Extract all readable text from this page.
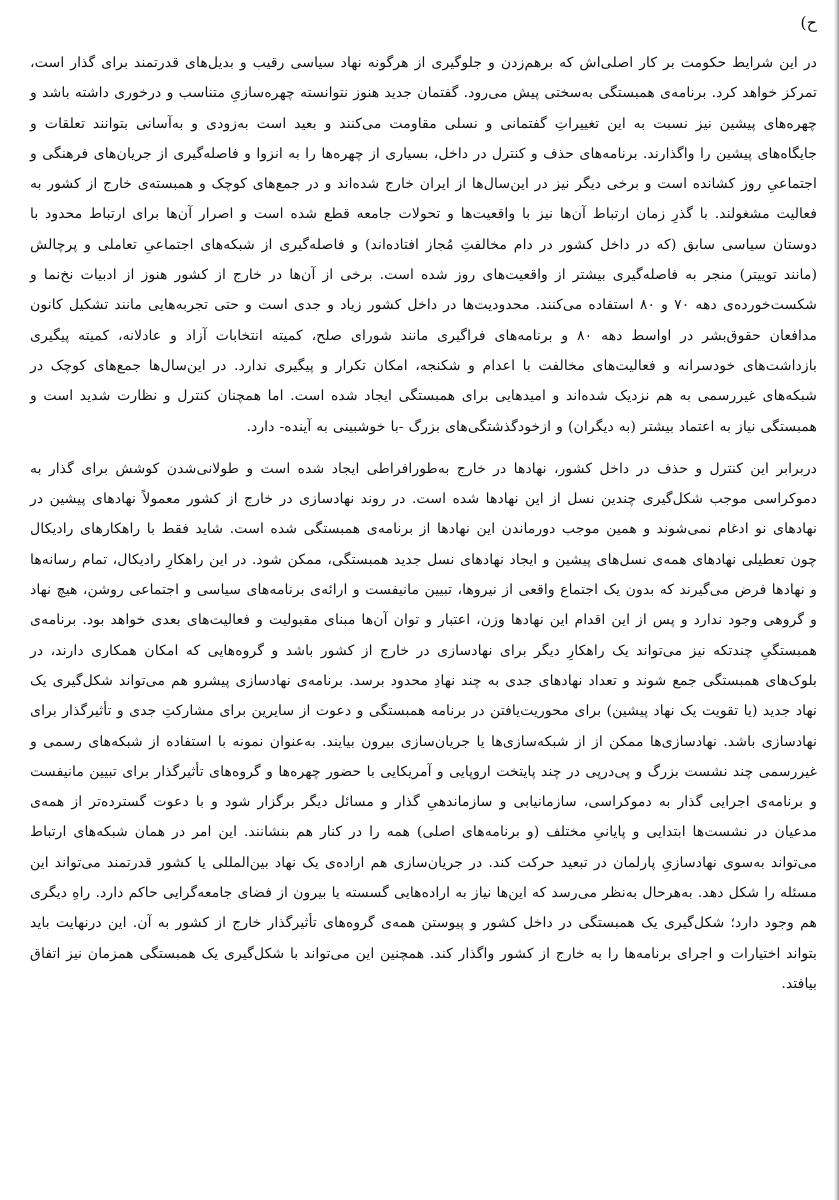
ح)

در این شرایط حکومت بر کار اصلی‌اش که برهم‌زدن و جلوگیری از هرگونه نهاد سیاسی رقیب و بدیل‌های قدرتمند برای گذار است، تمرکز خواهد کرد. برنامه‌ی همبستگی به‌سختی پیش می‌رود. گفتمان جدید هنوز نتوانسته چهره‌سازیِ متناسب و درخوری داشته باشد و چهره‌های پیشین نیز نسبت به این تغییراتِ گفتمانی و نسلی مقاومت می‌کنند و بعید است به‌زودی و به‌آسانی بتوانند تعلقات و جایگاه‌های پیشین را واگذارند. برنامه‌های حذف و کنترل در داخل، بسیاری از چهره‌ها را به انزوا و فاصله‌گیری از جریان‌های فرهنگی و اجتماعیِ روز کشانده است و برخی دیگر نیز در این‌سال‌ها از ایران خارج شده‌اند و در جمع‌های کوچک و همبسته‌ی خارج از کشور به فعالیت مشغولند. با گذرِ زمان ارتباط آن‌ها نیز با واقعیت‌ها و تحولات جامعه قطع شده است و اصرار آن‌ها برای ارتباط محدود با دوستان سیاسی سابق (که در داخل کشور در دام مخالفتِ مُجاز افتاده‌اند) و فاصله‌گیری از شبکه‌های اجتماعیِ تعاملی و پرچالش (مانند توییتر) منجر به فاصله‌گیری بیشتر از واقعیت‌های روز شده است. برخی از آن‌ها در خارج از کشور هنوز از ادبیات نخ‌نما و شکست‌خورده‌ی دهه ۷۰ و ۸۰ استفاده می‌کنند. محدودیت‌ها در داخل کشور زیاد و جدی است و حتی تجربه‌هایی مانند تشکیل کانون مدافعان حقوق‌بشر در اواسط دهه ۸۰ و برنامه‌های فراگیری مانند شورای صلح، کمیته انتخابات آزاد و عادلانه، کمیته پیگیری بازداشت‌های خودسرانه و فعالیت‌های مخالفت با اعدام و شکنجه، امکان تکرار و پیگیری ندارد. در این‌سال‌ها جمع‌های کوچک در شبکه‌های غیررسمی به هم نزدیک شده‌اند و امیدهایی برای همبستگی ایجاد شده است. اما همچنان کنترل و نظارت شدید است و همبستگی نیاز به اعتماد بیشتر (به دیگران) و ازخودگذشتگی‌های بزرگ -با خوشبینی به آینده- دارد.

دربرابر این کنترل و حذف در داخل کشور، نهادها در خارج به‌طورافراطی ایجاد شده است و طولانی‌شدن کوشش برای گذار به دموکراسی موجب شکل‌گیری چندین نسل از این نهادها شده است. در روند نهادسازی در خارج از کشور معمولاً نهادهای پیشین در نهادهای نو ادغام نمی‌شوند و همین موجب دورماندن این نهادها از برنامه‌ی همبستگی شده است. شاید فقط با راهکارهای رادیکال چون تعطیلی نهادهای همه‌ی نسل‌های پیشین و ایجاد نهادهای نسل جدید همبستگی، ممکن شود. در این راهکارِ رادیکال، تمام رسانه‌ها و نهادها فرض می‌گیرند که بدون یک اجتماع واقعی از نیروها، تبیین مانیفست و ارائه‌ی برنامه‌های سیاسی و اجتماعی روشن، هیچ نهاد و گروهی وجود ندارد و پس از این اقدام این نهادها وزن، اعتبار و توان آن‌ها مبنای مقبولیت و فعالیت‌های بعدی خواهد بود. برنامه‌ی همبستگیِ چندتکه نیز می‌تواند یک راهکارِ دیگر برای نهادسازی در خارج از کشور باشد و گروه‌هایی که امکان همکاری دارند، در بلوک‌های همبستگی جمع شوند و تعداد نهادهای جدی به چند نهادِ محدود برسد. برنامه‌ی نهادسازی پیشرو هم می‌تواند شکل‌گیری یک نهاد جدید (یا تقویت یک نهاد پیشین) برای محوریت‌یافتن در برنامه همبستگی و دعوت از سایرین برای مشارکتِ جدی و تأثیرگذار برای نهادسازی باشد. نهادسازی‌ها ممکن از از شبکه‌سازی‌ها یا جریان‌سازی بیرون بیایند. به‌عنوان نمونه با استفاده از شبکه‌های رسمی و غیررسمی چند نشست بزرگ و پی‌درپی در چند پایتخت اروپایی و آمریکایی با حضور چهره‌ها و گروه‌های تأثیرگذار برای تبیین مانیفست و برنامه‌ی اجرایی گذار به دموکراسی، سازمانیابی و سازماندهیِ گذار و مسائل دیگر برگزار شود و با دعوت گسترده‌تر از همه‌ی مدعیان در نشست‌ها ابتدایی و پایانیِ مختلف (و برنامه‌های اصلی) همه را در کنار هم بنشانند. این امر در همان شبکه‌های ارتباط می‌تواند به‌سوی نهادسازیِ پارلمان در تبعید حرکت کند. در جریان‌سازی هم اراده‌ی یک نهاد بین‌المللی یا کشور قدرتمند می‌تواند این مسئله را شکل دهد. به‌هرحال به‌نظر می‌رسد که این‌ها نیاز به اراده‌هایی گسسته یا بیرون از فضای جامعه‌گرایی حاکم دارد. راهِ دیگری هم وجود دارد؛ شکل‌گیری یک همبستگی در داخل کشور و پیوستن همه‌ی گروه‌های تأثیرگذار خارج از کشور به آن. این درنهایت باید بتواند اختیارات و اجرای برنامه‌ها را به خارج از کشور واگذار کند. همچنین این می‌تواند با شکل‌گیری یک همبستگی همزمان نیز اتفاق بیافتد.
